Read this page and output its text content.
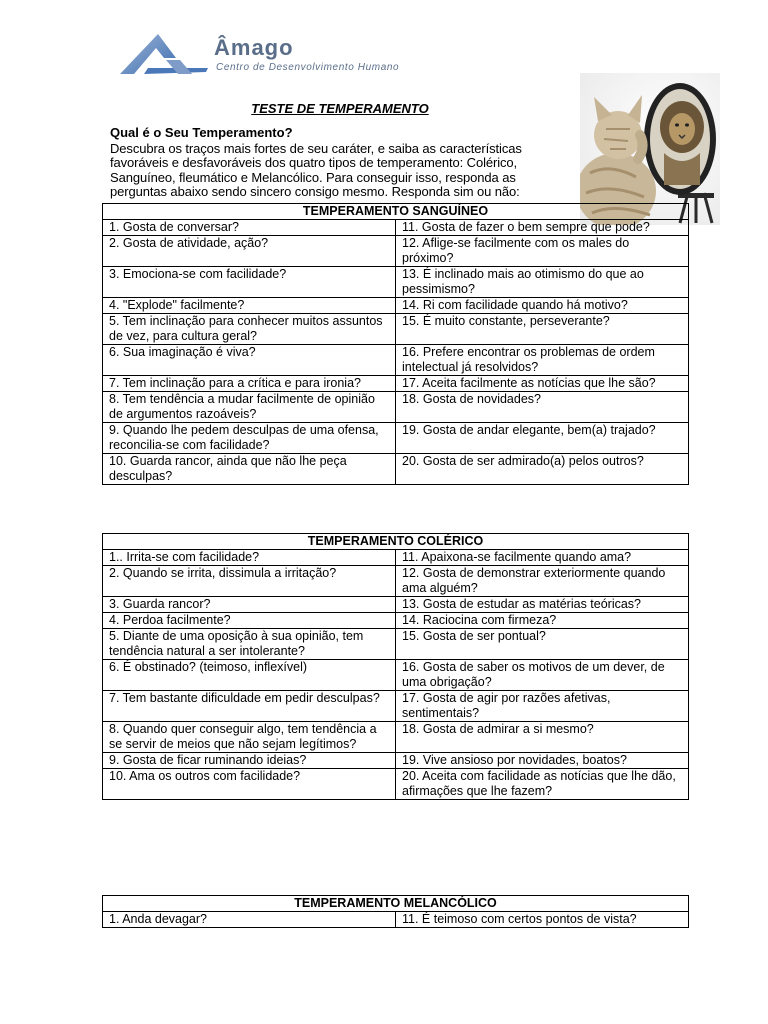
Âmago
Centro de Desenvolvimento Humano
TESTE DE TEMPERAMENTO
Qual é o Seu Temperamento?
Descubra os traços mais fortes de seu caráter, e saiba as características
favoráveis e desfavoráveis dos quatro tipos de temperamento: Colérico,
Sanguíneo, fleumático e Melancólico. Para conseguir isso, responda as
perguntas abaixo sendo sincero consigo mesmo. Responda sim ou não:
TEMPERAMENTO SANGUÍNEO	
1. Gosta de conversar?	11. Gosta de fazer o bem sempre que pode?
2. Gosta de atividade, ação?	12. Aflige-se facilmente com os males do próximo?
3. Emociona-se com facilidade?	13. É inclinado mais ao otimismo do que ao pessimismo?
4. "Explode" facilmente?	14. Ri com facilidade quando há motivo?
5. Tem inclinação para conhecer muitos assuntos de vez, para cultura geral?	15. É muito constante, perseverante?
6. Sua imaginação é viva?	16. Prefere encontrar os problemas de ordem intelectual já resolvidos?
7. Tem inclinação para a crítica e para ironia?	17. Aceita facilmente as notícias que lhe são?
8. Tem tendência a mudar facilmente de opinião de argumentos razoáveis?	18. Gosta de novidades?
9. Quando lhe pedem desculpas de uma ofensa, reconcilia-se com facilidade?	19. Gosta de andar elegante, bem(a) trajado?
10. Guarda rancor, ainda que não lhe peça desculpas?	20. Gosta de ser admirado(a) pelos outros?
TEMPERAMENTO COLÉRICO	
1.. Irrita-se com facilidade?	11. Apaixona-se facilmente quando ama?
2. Quando se irrita, dissimula a irritação?	12. Gosta de demonstrar exteriormente quando ama alguém?
3. Guarda rancor?	13. Gosta de estudar as matérias teóricas?
4. Perdoa facilmente?	14. Raciocina com firmeza?
5. Diante de uma oposição à sua opinião, tem tendência natural a ser intolerante?	15. Gosta de ser pontual?
6. É obstinado? (teimoso, inflexível)	16. Gosta de saber os motivos de um dever, de uma obrigação?
7. Tem bastante dificuldade em pedir desculpas?	17. Gosta de agir por razões afetivas, sentimentais?
8. Quando quer conseguir algo, tem tendência a se servir de meios que não sejam legítimos?	18. Gosta de admirar a si mesmo?
9. Gosta de ficar ruminando ideias?	19. Vive ansioso por novidades, boatos?
10. Ama os outros com facilidade?	20. Aceita com facilidade as notícias que lhe dão, afirmações que lhe fazem?
TEMPERAMENTO MELANCÓLICO
1. Anda devagar?	11. É teimoso com certos pontos de vista?
